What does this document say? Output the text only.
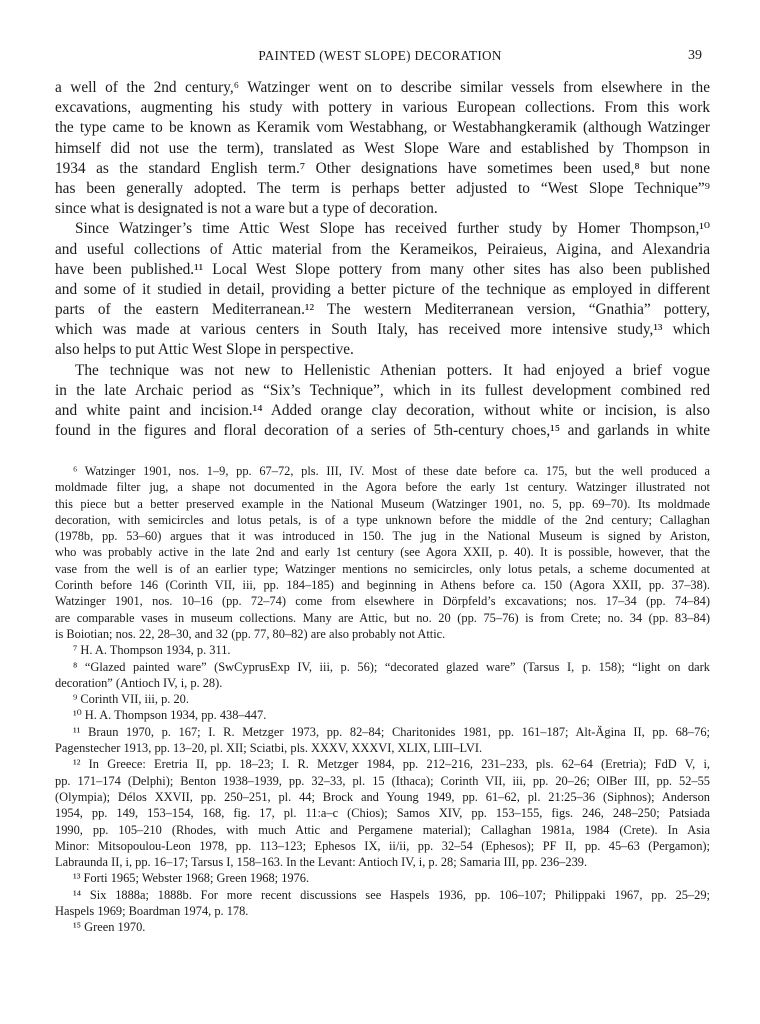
PAINTED (WEST SLOPE) DECORATION	39
a well of the 2nd century,⁶ Watzinger went on to describe similar vessels from elsewhere in the
excavations, augmenting his study with pottery in various European collections. From this work
the type came to be known as Keramik vom Westabhang, or Westabhangkeramik (although Watzinger
himself did not use the term), translated as West Slope Ware and established by Thompson in
1934 as the standard English term.⁷ Other designations have sometimes been used,⁸ but none
has been generally adopted. The term is perhaps better adjusted to “West Slope Technique”⁹
since what is designated is not a ware but a type of decoration.
Since Watzinger’s time Attic West Slope has received further study by Homer Thompson,¹⁰
and useful collections of Attic material from the Kerameikos, Peiraieus, Aigina, and Alexandria
have been published.¹¹ Local West Slope pottery from many other sites has also been published
and some of it studied in detail, providing a better picture of the technique as employed in different
parts of the eastern Mediterranean.¹² The western Mediterranean version, “Gnathia” pottery,
which was made at various centers in South Italy, has received more intensive study,¹³ which
also helps to put Attic West Slope in perspective.
The technique was not new to Hellenistic Athenian potters. It had enjoyed a brief vogue
in the late Archaic period as “Six’s Technique”, which in its fullest development combined red
and white paint and incision.¹⁴ Added orange clay decoration, without white or incision, is also
found in the figures and floral decoration of a series of 5th-century choes,¹⁵ and garlands in white
⁶ Watzinger 1901, nos. 1–9, pp. 67–72, pls. III, IV. Most of these date before ca. 175, but the well produced a
moldmade filter jug, a shape not documented in the Agora before the early 1st century. Watzinger illustrated not
this piece but a better preserved example in the National Museum (Watzinger 1901, no. 5, pp. 69–70). Its moldmade
decoration, with semicircles and lotus petals, is of a type unknown before the middle of the 2nd century; Callaghan
(1978b, pp. 53–60) argues that it was introduced in 150. The jug in the National Museum is signed by Ariston,
who was probably active in the late 2nd and early 1st century (see Agora XXII, p. 40). It is possible, however, that the
vase from the well is of an earlier type; Watzinger mentions no semicircles, only lotus petals, a scheme documented at
Corinth before 146 (Corinth VII, iii, pp. 184–185) and beginning in Athens before ca. 150 (Agora XXII, pp. 37–38).
Watzinger 1901, nos. 10–16 (pp. 72–74) come from elsewhere in Dörpfeld’s excavations; nos. 17–34 (pp. 74–84)
are comparable vases in museum collections. Many are Attic, but no. 20 (pp. 75–76) is from Crete; no. 34 (pp. 83–84)
is Boiotian; nos. 22, 28–30, and 32 (pp. 77, 80–82) are also probably not Attic.
⁷ H. A. Thompson 1934, p. 311.
⁸ “Glazed painted ware” (SwCyprusExp IV, iii, p. 56); “decorated glazed ware” (Tarsus I, p. 158); “light on dark
decoration” (Antioch IV, i, p. 28).
⁹ Corinth VII, iii, p. 20.
¹⁰ H. A. Thompson 1934, pp. 438–447.
¹¹ Braun 1970, p. 167; I. R. Metzger 1973, pp. 82–84; Charitonides 1981, pp. 161–187; Alt-Ägina II, pp. 68–76;
Pagenstecher 1913, pp. 13–20, pl. XII; Sciatbi, pls. XXXV, XXXVI, XLIX, LIII–LVI.
¹² In Greece: Eretria II, pp. 18–23; I. R. Metzger 1984, pp. 212–216, 231–233, pls. 62–64 (Eretria); FdD V, i,
pp. 171–174 (Delphi); Benton 1938–1939, pp. 32–33, pl. 15 (Ithaca); Corinth VII, iii, pp. 20–26; OlBer III, pp. 52–55
(Olympia); Délos XXVII, pp. 250–251, pl. 44; Brock and Young 1949, pp. 61–62, pl. 21:25–36 (Siphnos); Anderson
1954, pp. 149, 153–154, 168, fig. 17, pl. 11:a–c (Chios); Samos XIV, pp. 153–155, figs. 246, 248–250; Patsiada
1990, pp. 105–210 (Rhodes, with much Attic and Pergamene material); Callaghan 1981a, 1984 (Crete). In Asia
Minor: Mitsopoulou-Leon 1978, pp. 113–123; Ephesos IX, ii/ii, pp. 32–54 (Ephesos); PF II, pp. 45–63 (Pergamon);
Labraunda II, i, pp. 16–17; Tarsus I, 158–163. In the Levant: Antioch IV, i, p. 28; Samaria III, pp. 236–239.
¹³ Forti 1965; Webster 1968; Green 1968; 1976.
¹⁴ Six 1888a; 1888b. For more recent discussions see Haspels 1936, pp. 106–107; Philippaki 1967, pp. 25–29;
Haspels 1969; Boardman 1974, p. 178.
¹⁵ Green 1970.
